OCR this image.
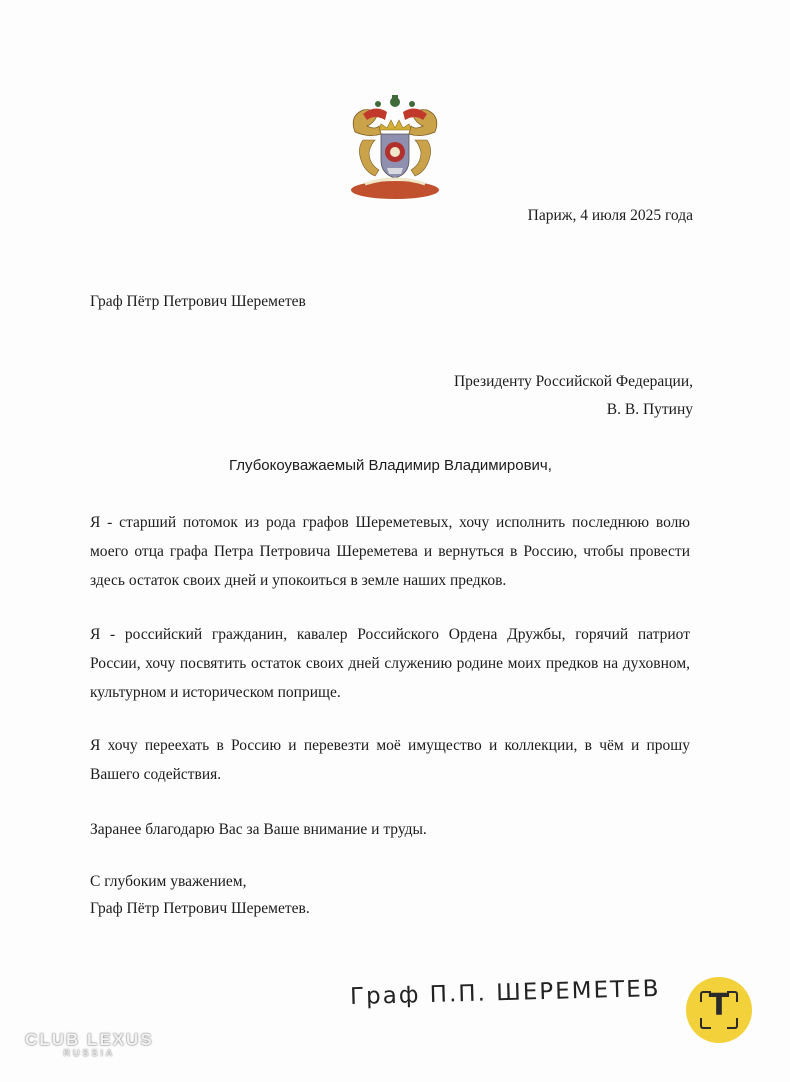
Париж, 4 июля 2025 года
Граф Пётр Петрович Шереметев
Президенту Российской Федерации,
В. В. Путину
Глубокоуважаемый Владимир Владимирович,
Я - старший потомок из рода графов Шереметевых, хочу исполнить последнюю волю моего отца графа Петра Петровича Шереметева и вернуться в Россию, чтобы провести здесь остаток своих дней и упокоиться в земле наших предков.
Я - российский гражданин, кавалер Российского Ордена Дружбы, горячий патриот России, хочу посвятить остаток своих дней служению родине моих предков на духовном, культурном и историческом поприще.
Я хочу переехать в Россию и перевезти моё имущество и коллекции, в чём и прошу Вашего содействия.
Заранее благодарю Вас за Ваше внимание и труды.
С глубоким уважением,
Граф Пётр Петрович Шереметев.
Граф П.П. ШЕРЕМЕТЕВ
CLUB LEXUS
RUSSIA
T
